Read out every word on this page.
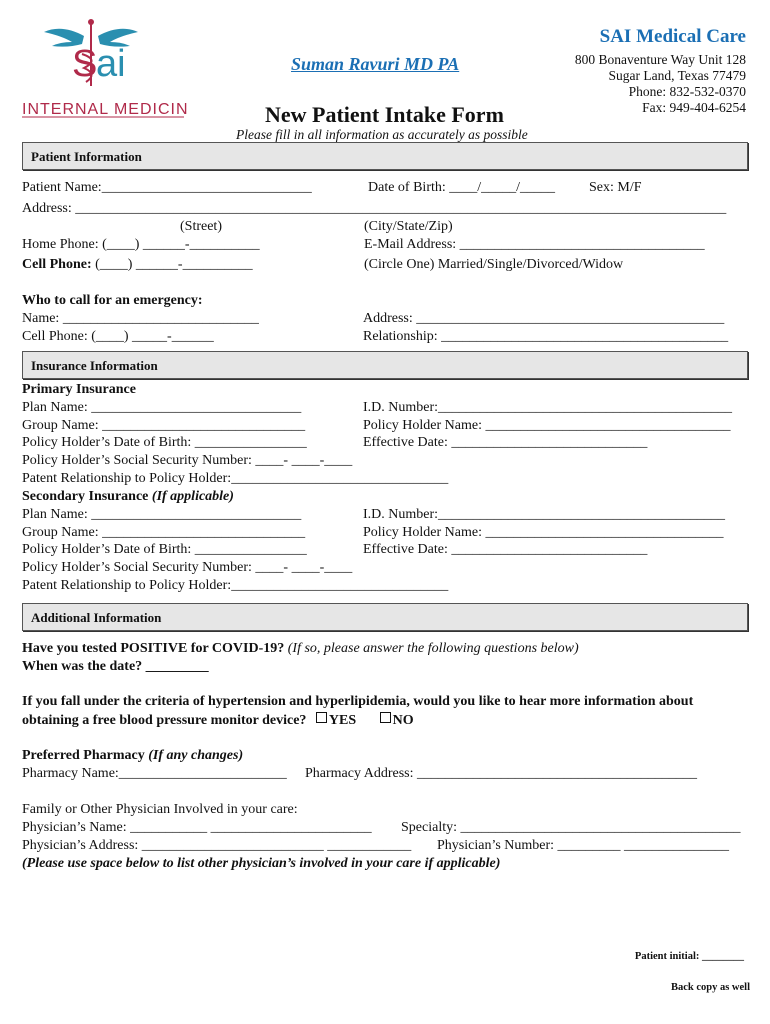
S
ai
INTERNAL MEDICINE
Suman Ravuri MD PA
New Patient Intake Form
Please fill in all information as accurately as possible
SAI Medical Care
800 Bonaventure Way Unit 128
Sugar Land, Texas 77479
Phone: 832-532-0370
Fax: 949-404-6254
Patient Information
Patient Name:______________________________	Date of Birth: ____/_____/_____ Sex: M/F
Address: _____________________________________________________________________________________________
(Street)	(City/State/Zip)
Home Phone: (____) ______-__________	E-Mail Address: ___________________________________
Cell Phone: (____) ______-__________	(Circle One) Married/Single/Divorced/Widow
Who to call for an emergency:
Name: ____________________________	Address: ____________________________________________
Cell Phone: (____) _____-______	Relationship: _________________________________________
Insurance Information
Primary Insurance
Plan Name: ______________________________	I.D. Number:__________________________________________
Group Name: _____________________________	Policy Holder Name: ___________________________________
Policy Holder’s Date of Birth: ________________	Effective Date: ____________________________
Policy Holder’s Social Security Number: ____- ____-____
Patent Relationship to Policy Holder:_______________________________
Secondary Insurance (If applicable)
Plan Name: ______________________________	I.D. Number:_________________________________________
Group Name: _____________________________	Policy Holder Name: __________________________________
Policy Holder’s Date of Birth: ________________	Effective Date: ____________________________
Policy Holder’s Social Security Number: ____- ____-____
Patent Relationship to Policy Holder:_______________________________
Additional Information
Have you tested POSITIVE for COVID-19? (If so, please answer the following questions below)
When was the date? _________
If you fall under the criteria of hypertension and hyperlipidemia, would you like to hear more information about
obtaining a free blood pressure monitor device? YES	NO
Preferred Pharmacy (If any changes)
Pharmacy Name:________________________ Pharmacy Address: ________________________________________
Family or Other Physician Involved in your care:
Physician’s Name: ___________ _______________________ Specialty: ________________________________________
Physician’s Address: __________________________ ____________ Physician’s Number: _________ _______________
(Please use space below to list other physician’s involved in your care if applicable)
Patient initial: ________
Back copy as well
